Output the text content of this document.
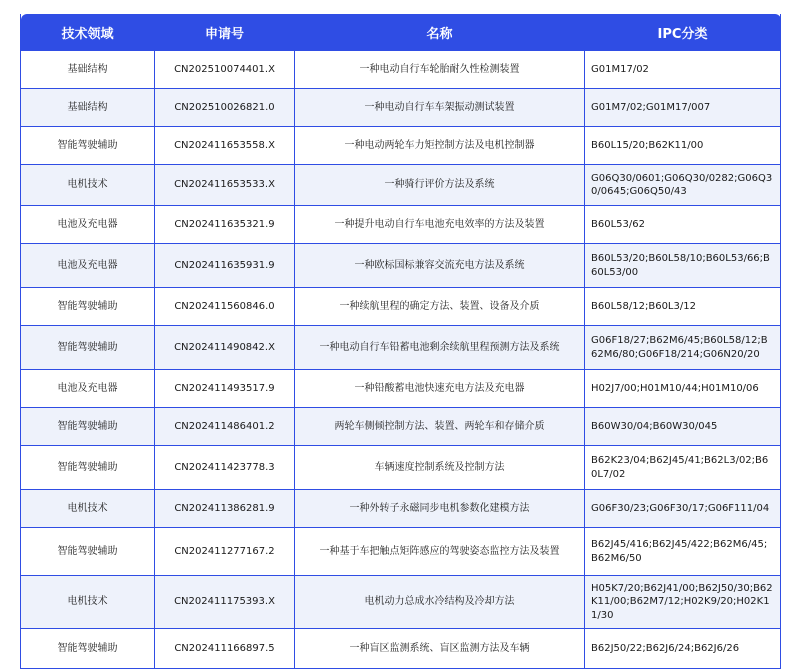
技术领域	申请号	名称	IPC分类
基础结构	CN202510074401.X	一种电动自行车轮胎耐久性检测装置	G01M17/02
基础结构	CN202510026821.0	一种电动自行车车架振动测试装置	G01M7/02;G01M17/007
智能驾驶辅助	CN202411653558.X	一种电动两轮车力矩控制方法及电机控制器	B60L15/20;B62K11/00
电机技术	CN202411653533.X	一种骑行评价方法及系统	G06Q30/0601;G06Q30/0282;G06Q30/0645;G06Q50/43
电池及充电器	CN202411635321.9	一种提升电动自行车电池充电效率的方法及装置	B60L53/62
电池及充电器	CN202411635931.9	一种欧标国标兼容交流充电方法及系统	B60L53/20;B60L58/10;B60L53/66;B60L53/00
智能驾驶辅助	CN202411560846.0	一种续航里程的确定方法、装置、设备及介质	B60L58/12;B60L3/12
智能驾驶辅助	CN202411490842.X	一种电动自行车铅蓄电池剩余续航里程预测方法及系统	G06F18/27;B62M6/45;B60L58/12;B62M6/80;G06F18/214;G06N20/20
电池及充电器	CN202411493517.9	一种铅酸蓄电池快速充电方法及充电器	H02J7/00;H01M10/44;H01M10/06
智能驾驶辅助	CN202411486401.2	两轮车侧倾控制方法、装置、两轮车和存储介质	B60W30/04;B60W30/045
智能驾驶辅助	CN202411423778.3	车辆速度控制系统及控制方法	B62K23/04;B62J45/41;B62L3/02;B60L7/02
电机技术	CN202411386281.9	一种外转子永磁同步电机参数化建模方法	G06F30/23;G06F30/17;G06F111/04
智能驾驶辅助	CN202411277167.2	一种基于车把触点矩阵感应的驾驶姿态监控方法及装置	B62J45/416;B62J45/422;B62M6/45;B62M6/50
电机技术	CN202411175393.X	电机动力总成水冷结构及冷却方法	H05K7/20;B62J41/00;B62J50/30;B62K11/00;B62M7/12;H02K9/20;H02K11/30
智能驾驶辅助	CN202411166897.5	一种盲区监测系统、盲区监测方法及车辆	B62J50/22;B62J6/24;B62J6/26
